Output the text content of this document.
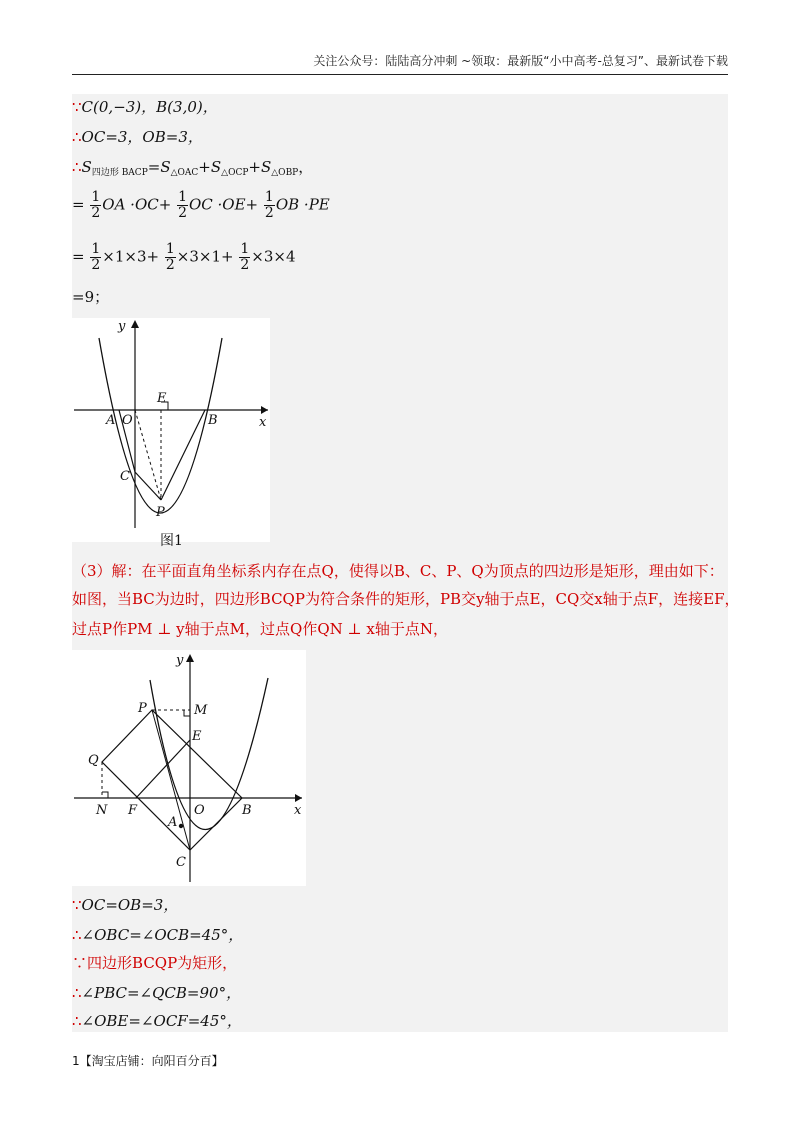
关注公众号：陆陆高分冲刺 ~领取：最新版“小中高考-总复习”、最新试卷下载
∵C(0,−3)，B(3,0)，
∴OC=3，OB=3，
$\therefore S_{四边形 BACP}=S_{\triangle OAC}+S_{\triangle OCP}+S_{\triangle OBP}$，
= $\frac{1}{2}$ OA $\cdot OC+ \frac{1}{2}$ OC $\cdot OE+ \frac{1}{2}$ OB ·PE
= $\frac{1}{2} \times 1\times 3+ \frac{1}{2} \times 3\times 1+ \frac{1}{2} \times 3\times 4$
=9；
y
x
A O
E
B
C
P
图1
（3）解：在平面直角坐标系内存在点Q，使得以B、C、P、Q为顶点的四边形是矩形，理由如下：
如图，当BC为边时，四边形BCQP为符合条件的矩形，PB交y轴于点E，CQ交x轴于点F，连接EF，
过点P作PM ⊥ y轴于点M，过点Q作QN ⊥ x轴于点N，
y
x
P	M
E
Q
N F	O	B
A
C
∵OC=OB=3，
∴∠OBC=∠OCB=45°，
∵四边形BCQP为矩形，
∴∠PBC=∠QCB=90°，
∴∠OBE=∠OCF=45°，
1【淘宝店铺：向阳百分百】
